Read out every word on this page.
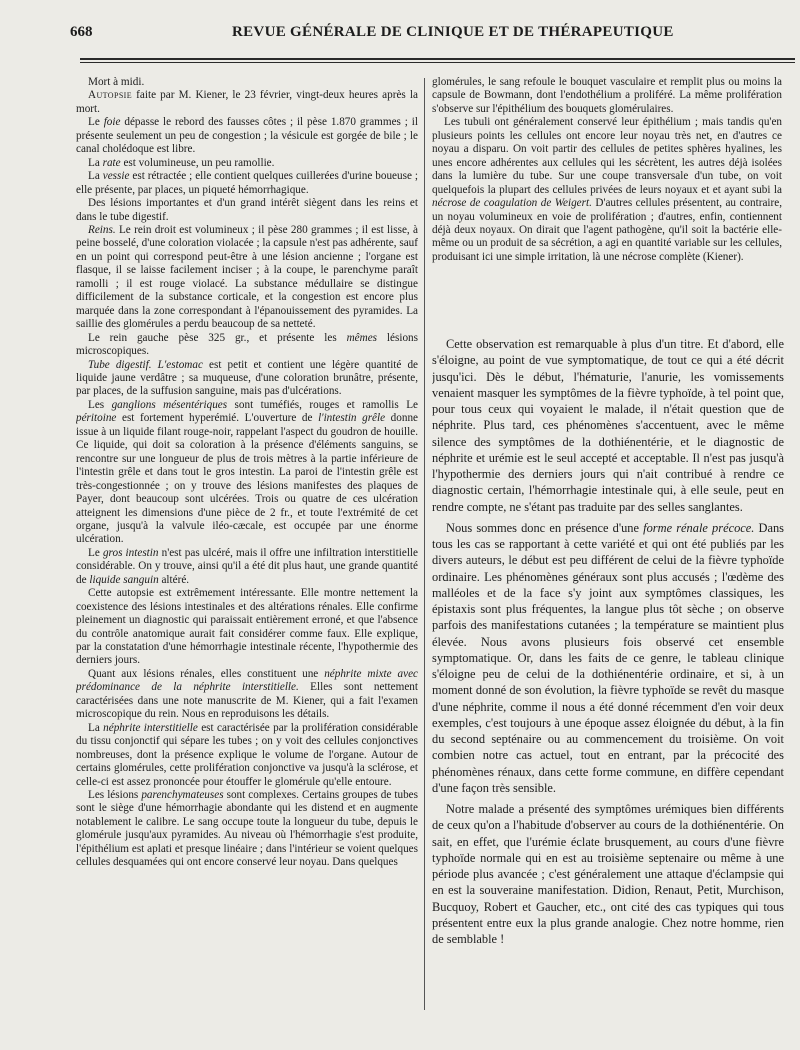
668	REVUE GÉNÉRALE DE CLINIQUE ET DE THÉRAPEUTIQUE

Mort à midi.

Autopsie faite par M. Kiener, le 23 février, vingt-deux heures après la mort.

Le foie dépasse le rebord des fausses côtes ; il pèse 1.870 grammes ; il présente seulement un peu de congestion ; la vésicule est gorgée de bile ; le canal cholédoque est libre.

La rate est volumineuse, un peu ramollie.

La vessie est rétractée ; elle contient quelques cuillerées d'urine boueuse ; elle présente, par places, un piqueté hémorrhagique.

Des lésions importantes et d'un grand intérêt siègent dans les reins et dans le tube digestif.

Reins. Le rein droit est volumineux ; il pèse 280 grammes ; il est lisse, à peine bosselé, d'une coloration violacée ; la capsule n'est pas adhérente, sauf en un point qui correspond peut-être à une lésion ancienne ; l'organe est flasque, il se laisse facilement inciser ; à la coupe, le parenchyme paraît ramolli ; il est rouge violacé. La substance médullaire se distingue difficilement de la substance corticale, et la congestion est encore plus marquée dans la zone correspondant à l'épanouissement des pyramides. La saillie des glomérules a perdu beaucoup de sa netteté.

Le rein gauche pèse 325 gr., et présente les mêmes lésions microscopiques.

Tube digestif. L'estomac est petit et contient une légère quantité de liquide jaune verdâtre ; sa muqueuse, d'une coloration brunâtre, présente, par places, de la suffusion sanguine, mais pas d'ulcérations.

Les ganglions mésentériques sont tuméfiés, rouges et ramollis Le péritoine est fortement hyperémié. L'ouverture de l'intestin grêle donne issue à un liquide filant rouge-noir, rappelant l'aspect du goudron de houille. Ce liquide, qui doit sa coloration à la présence d'éléments sanguins, se rencontre sur une longueur de plus de trois mètres à la partie inférieure de l'intestin grêle et dans tout le gros intestin. La paroi de l'intestin grêle est très-congestionnée ; on y trouve des lésions manifestes des plaques de Payer, dont beaucoup sont ulcérées. Trois ou quatre de ces ulcération atteignent les dimensions d'une pièce de 2 fr., et toute l'extrémité de cet organe, jusqu'à la valvule iléo-cæcale, est occupée par une énorme ulcération.

Le gros intestin n'est pas ulcéré, mais il offre une infiltration interstitielle considérable. On y trouve, ainsi qu'il a été dit plus haut, une grande quantité de liquide sanguin altéré.

Cette autopsie est extrêmement intéressante. Elle montre nettement la coexistence des lésions intestinales et des altérations rénales. Elle confirme pleinement un diagnostic qui paraissait entièrement erroné, et que l'absence du contrôle anatomique aurait fait considérer comme faux. Elle explique, par la constatation d'une hémorrhagie intestinale récente, l'hypothermie des derniers jours.

Quant aux lésions rénales, elles constituent une néphrite mixte avec prédominance de la néphrite interstitielle. Elles sont nettement caractérisées dans une note manuscrite de M. Kiener, qui a fait l'examen microscopique du rein. Nous en reproduisons les détails.

La néphrite interstitielle est caractérisée par la prolifération considérable du tissu conjonctif qui sépare les tubes ; on y voit des cellules conjonctives nombreuses, dont la présence explique le volume de l'organe. Autour de certains glomérules, cette prolifération conjonctive va jusqu'à la sclérose, et celle-ci est assez prononcée pour étouffer le glomérule qu'elle entoure.

Les lésions parenchymateuses sont complexes. Certains groupes de tubes sont le siège d'une hémorrhagie abondante qui les distend et en augmente notablement le calibre. Le sang occupe toute la longueur du tube, depuis le glomérule jusqu'aux pyramides. Au niveau où l'hémorrhagie s'est produite, l'épithélium est aplati et presque linéaire ; dans l'intérieur se voient quelques cellules desquamées qui ont encore conservé leur noyau. Dans quelques

glomérules, le sang refoule le bouquet vasculaire et remplit plus ou moins la capsule de Bowmann, dont l'endothélium a proliféré. La même prolifération s'observe sur l'épithélium des bouquets glomérulaires.

Les tubuli ont généralement conservé leur épithélium ; mais tandis qu'en plusieurs points les cellules ont encore leur noyau très net, en d'autres ce noyau a disparu. On voit partir des cellules de petites sphères hyalines, les unes encore adhérentes aux cellules qui les sécrètent, les autres déjà isolées dans la lumière du tube. Sur une coupe transversale d'un tube, on voit quelquefois la plupart des cellules privées de leurs noyaux et et ayant subi la nécrose de coagulation de Weigert. D'autres cellules présentent, au contraire, un noyau volumineux en voie de prolifération ; d'autres, enfin, contiennent déjà deux noyaux. On dirait que l'agent pathogène, qu'il soit la bactérie elle-même ou un produit de sa sécrétion, a agi en quantité variable sur les cellules, produisant ici une simple irritation, là une nécrose complète (Kiener).

Cette observation est remarquable à plus d'un titre. Et d'abord, elle s'éloigne, au point de vue symptomatique, de tout ce qui a été décrit jusqu'ici. Dès le début, l'hématurie, l'anurie, les vomissements venaient masquer les symptômes de la fièvre typhoïde, à tel point que, pour tous ceux qui voyaient le malade, il n'était question que de néphrite. Plus tard, ces phénomènes s'accentuent, avec le même silence des symptômes de la dothiénentérie, et le diagnostic de néphrite et urémie est le seul accepté et acceptable. Il n'est pas jusqu'à l'hypothermie des derniers jours qui n'ait contribué à rendre ce diagnostic certain, l'hémorrhagie intestinale qui, à elle seule, peut en rendre compte, ne s'étant pas traduite par des selles sanglantes.

Nous sommes donc en présence d'une forme rénale précoce. Dans tous les cas se rapportant à cette variété et qui ont été publiés par les divers auteurs, le début est peu différent de celui de la fièvre typhoïde ordinaire. Les phénomènes généraux sont plus accusés ; l'œdème des malléoles et de la face s'y joint aux symptômes classiques, les épistaxis sont plus fréquentes, la langue plus tôt sèche ; on observe parfois des manifestations cutanées ; la température se maintient plus élevée. Nous avons plusieurs fois observé cet ensemble symptomatique. Or, dans les faits de ce genre, le tableau clinique s'éloigne peu de celui de la dothiénentérie ordinaire, et si, à un moment donné de son évolution, la fièvre typhoïde se revêt du masque d'une néphrite, comme il nous a été donné récemment d'en voir deux exemples, c'est toujours à une époque assez éloignée du début, à la fin du second septénaire ou au commencement du troisième. On voit combien notre cas actuel, tout en entrant, par la précocité des phénomènes rénaux, dans cette forme commune, en diffère cependant d'une façon très sensible.

Notre malade a présenté des symptômes urémiques bien différents de ceux qu'on a l'habitude d'observer au cours de la dothiénentérie. On sait, en effet, que l'urémie éclate brusquement, au cours d'une fièvre typhoïde normale qui en est au troisième septenaire ou même à une période plus avancée ; c'est généralement une attaque d'éclampsie qui en est la souveraine manifestation. Didion, Renaut, Petit, Murchison, Bucquoy, Robert et Gaucher, etc., ont cité des cas typiques qui tous présentent entre eux la plus grande analogie. Chez notre homme, rien de semblable !
